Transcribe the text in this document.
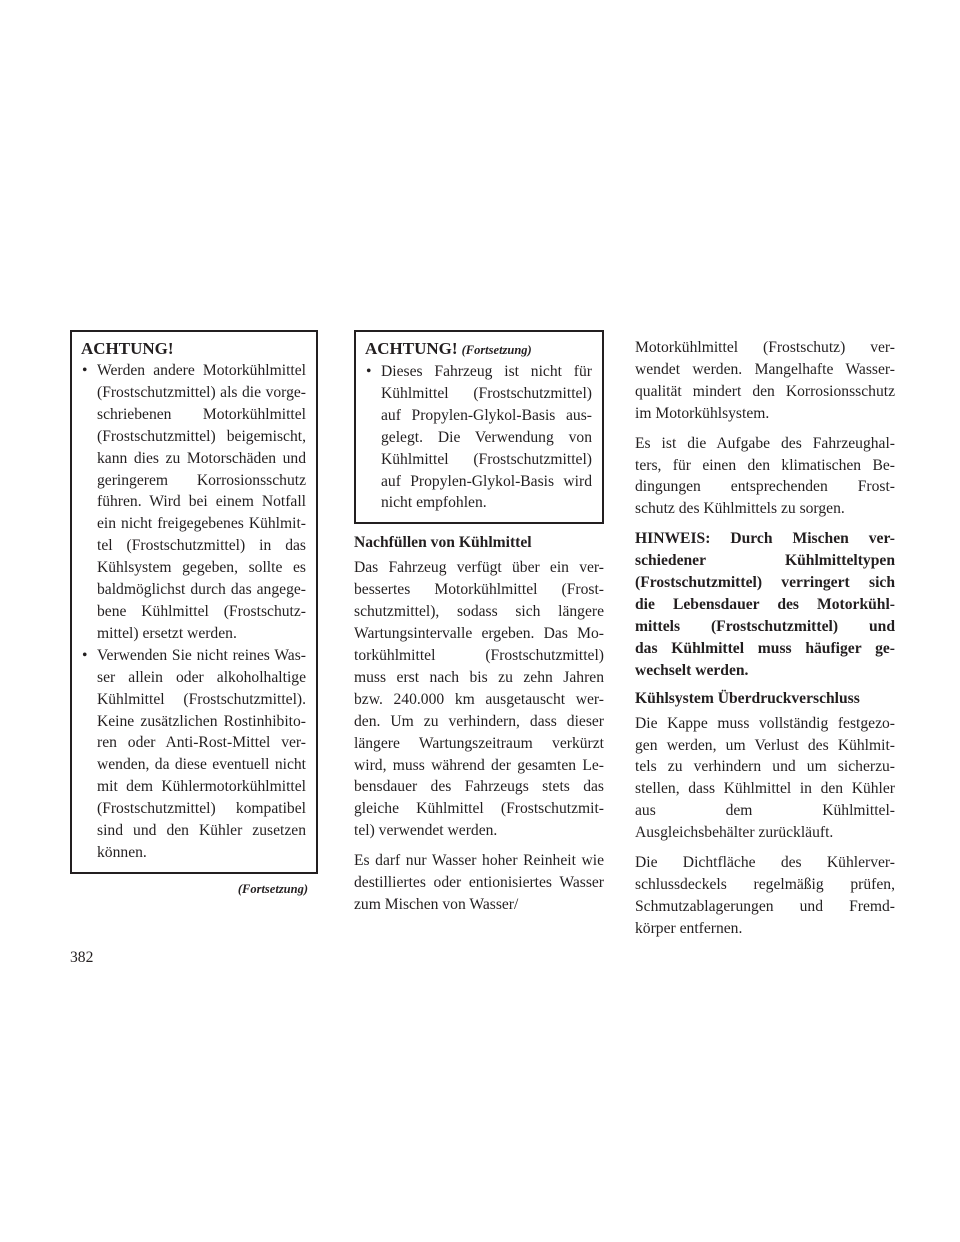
ACHTUNG!
• Werden andere Motorkühlmittel
(Frostschutzmittel) als die vorge-
schriebenen Motorkühlmittel
(Frostschutzmittel) beigemischt,
kann dies zu Motorschäden und
geringerem Korrosionsschutz
führen. Wird bei einem Notfall
ein nicht freigegebenes Kühlmit-
tel (Frostschutzmittel) in das
Kühlsystem gegeben, sollte es
baldmöglichst durch das angege-
bene Kühlmittel (Frostschutz-
mittel) ersetzt werden.
• Verwenden Sie nicht reines Was-
ser allein oder alkoholhaltige
Kühlmittel (Frostschutzmittel).
Keine zusätzlichen Rostinhibito-
ren oder Anti-Rost-Mittel ver-
wenden, da diese eventuell nicht
mit dem Kühlermotorkühlmittel
(Frostschutzmittel) kompatibel
sind und den Kühler zusetzen
können.
(Fortsetzung)
ACHTUNG! (Fortsetzung)
• Dieses Fahrzeug ist nicht für
Kühlmittel (Frostschutzmittel)
auf Propylen-Glykol-Basis aus-
gelegt. Die Verwendung von
Kühlmittel (Frostschutzmittel)
auf Propylen-Glykol-Basis wird
nicht empfohlen.
Nachfüllen von Kühlmittel
Das Fahrzeug verfügt über ein ver-
bessertes Motorkühlmittel (Frost-
schutzmittel), sodass sich längere
Wartungsintervalle ergeben. Das Mo-
torkühlmittel (Frostschutzmittel)
muss erst nach bis zu zehn Jahren
bzw. 240.000 km ausgetauscht wer-
den. Um zu verhindern, dass dieser
längere Wartungszeitraum verkürzt
wird, muss während der gesamten Le-
bensdauer des Fahrzeugs stets das
gleiche Kühlmittel (Frostschutzmit-
tel) verwendet werden.
Es darf nur Wasser hoher Reinheit wie
destilliertes oder entionisiertes Wasser
zum Mischen von Wasser/
Motorkühlmittel (Frostschutz) ver-
wendet werden. Mangelhafte Wasser-
qualität mindert den Korrosionsschutz
im Motorkühlsystem.
Es ist die Aufgabe des Fahrzeughal-
ters, für einen den klimatischen Be-
dingungen entsprechenden Frost-
schutz des Kühlmittels zu sorgen.
HINWEIS: Durch Mischen ver-
schiedener Kühlmitteltypen
(Frostschutzmittel) verringert sich
die Lebensdauer des Motorkühl-
mittels (Frostschutzmittel) und
das Kühlmittel muss häufiger ge-
wechselt werden.
Kühlsystem Überdruckverschluss
Die Kappe muss vollständig festgezo-
gen werden, um Verlust des Kühlmit-
tels zu verhindern und um sicherzu-
stellen, dass Kühlmittel in den Kühler
aus dem Kühlmittel-
Ausgleichsbehälter zurückläuft.
Die Dichtfläche des Kühlerver-
schlussdeckels regelmäßig prüfen,
Schmutzablagerungen und Fremd-
körper entfernen.
382
